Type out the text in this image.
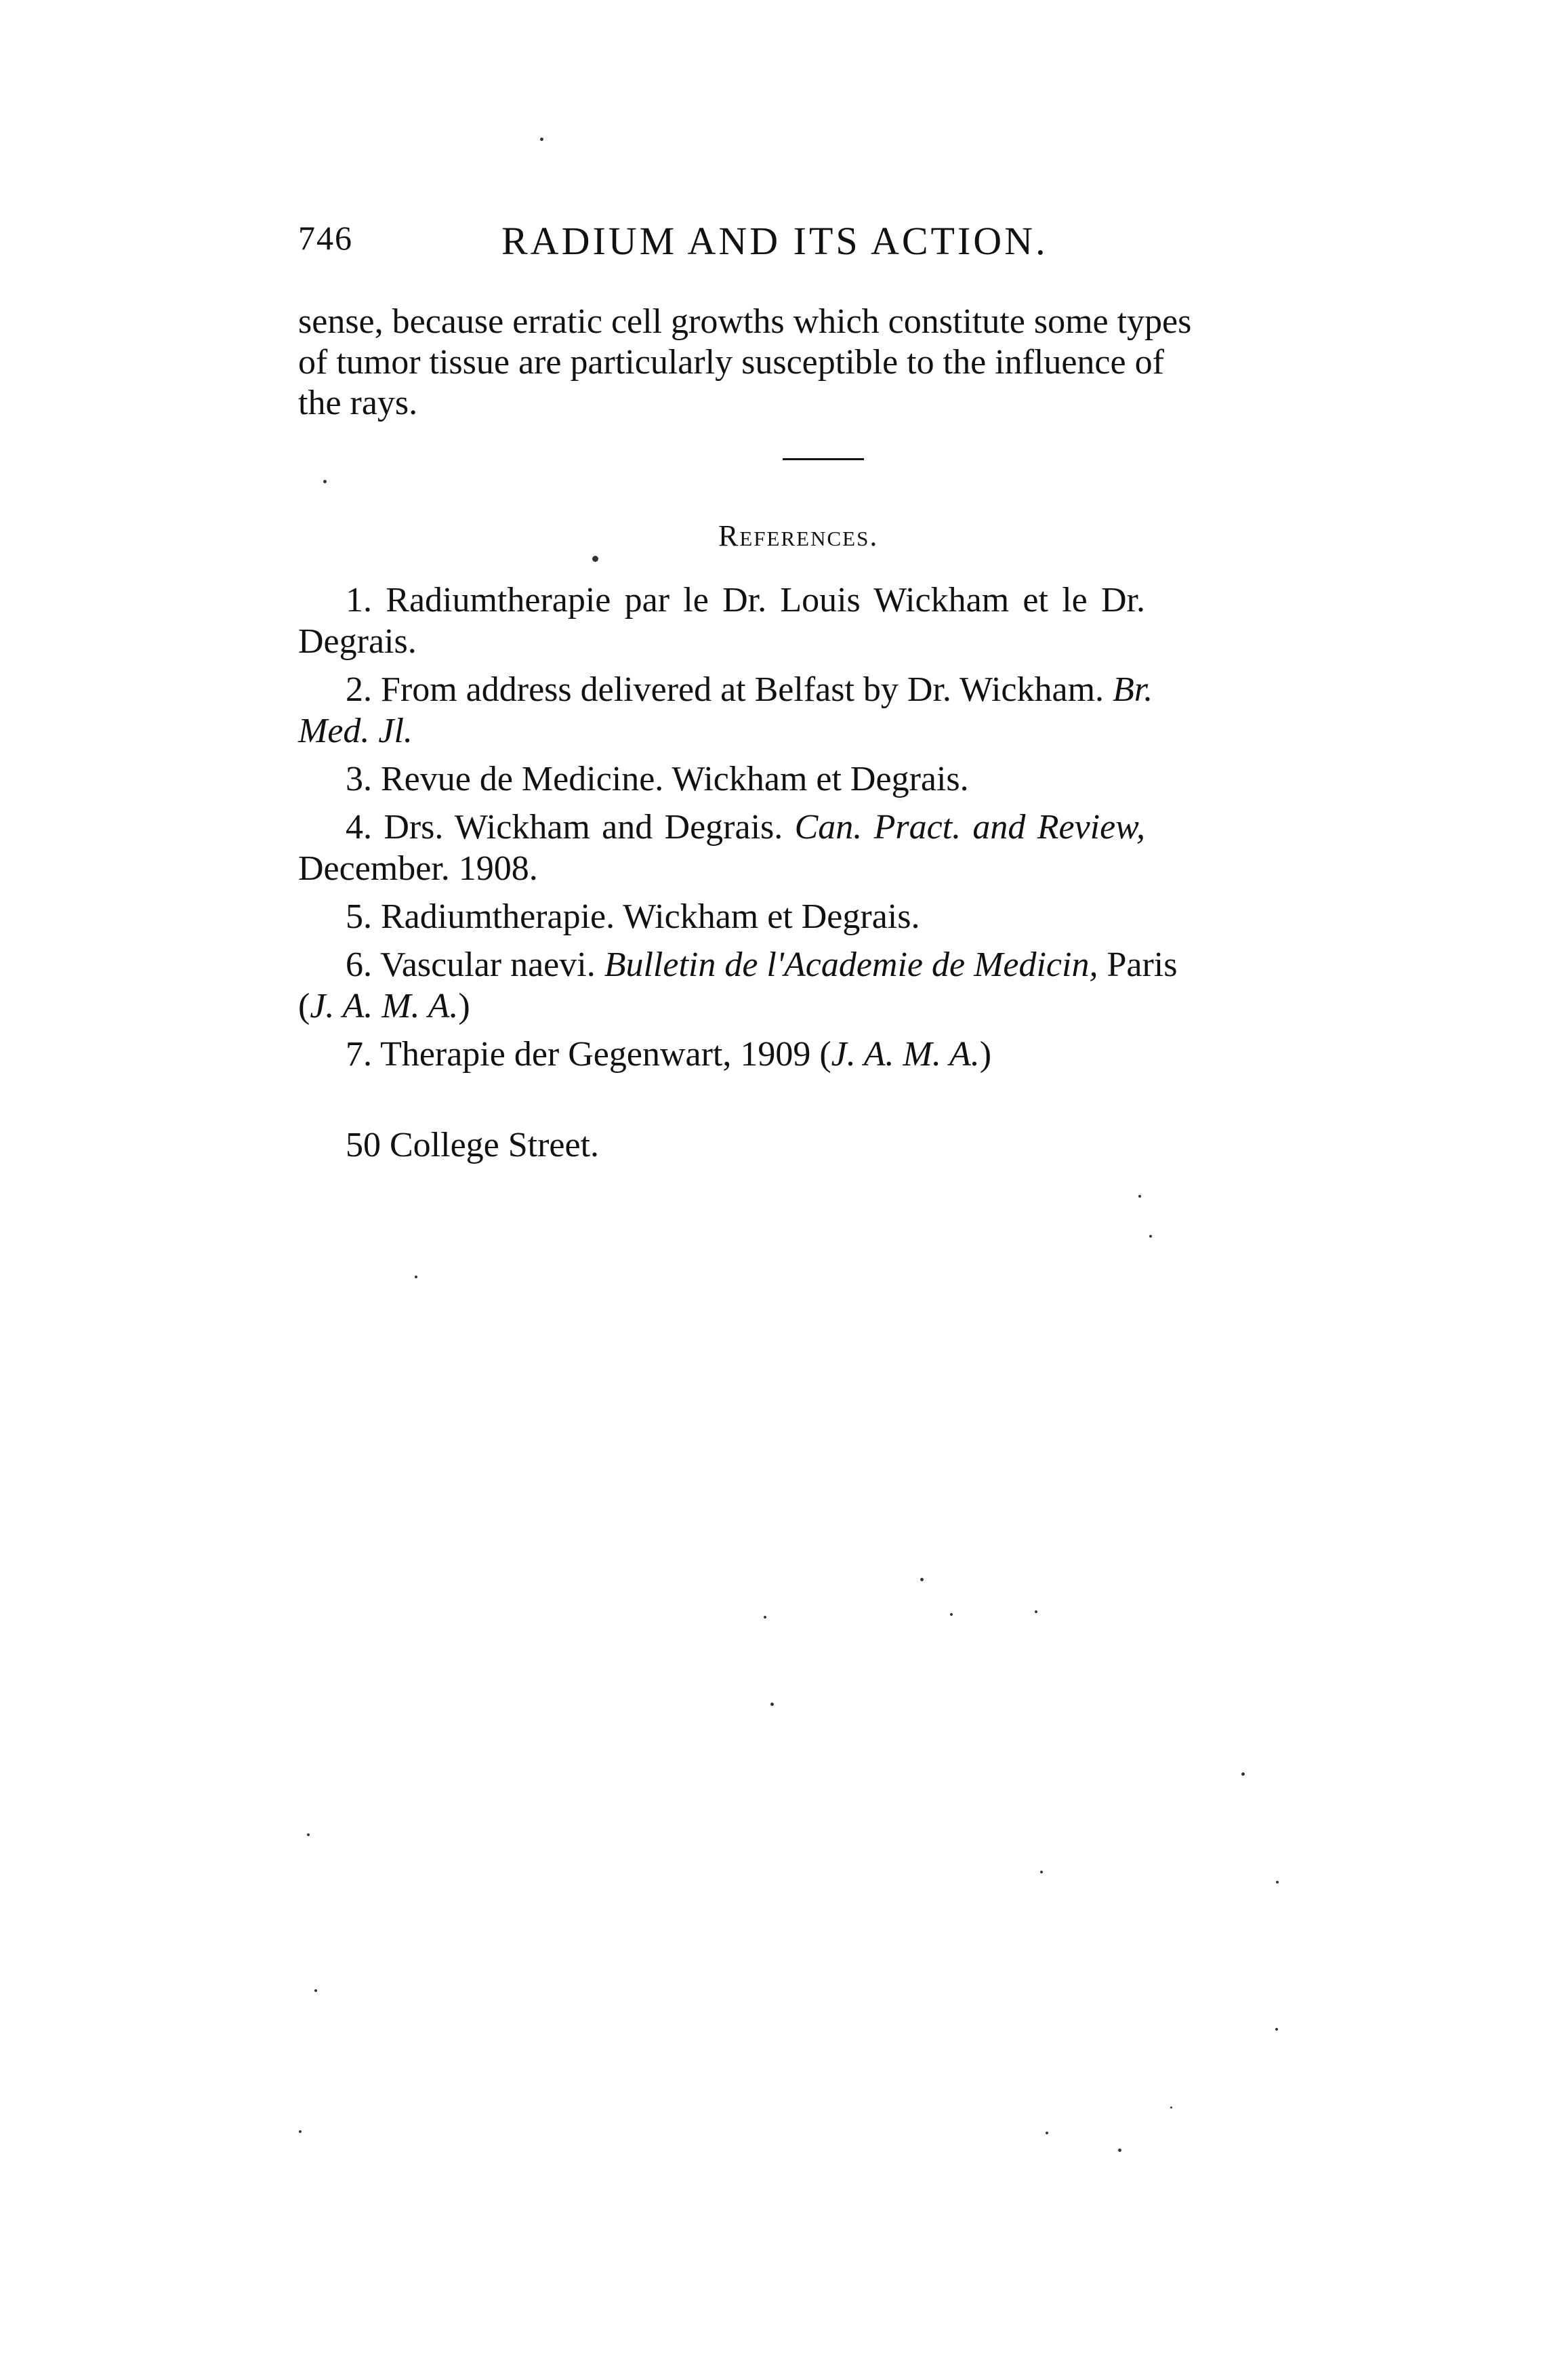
746	RADIUM AND ITS ACTION.
sense, because erratic cell growths which constitute some types
of tumor tissue are particularly susceptible to the influence of
the rays.
References.
1. Radiumtherapie par le Dr. Louis Wickham et le Dr.
Degrais.
2. From address delivered at Belfast by Dr. Wickham. Br.
Med. Jl.
3. Revue de Medicine. Wickham et Degrais.
4. Drs. Wickham and Degrais. Can. Pract. and Review,
December. 1908.
5. Radiumtherapie. Wickham et Degrais.
6. Vascular naevi. Bulletin de l'Academie de Medicin, Paris
(J. A. M. A.)
7. Therapie der Gegenwart, 1909 (J. A. M. A.)
50 College Street.
